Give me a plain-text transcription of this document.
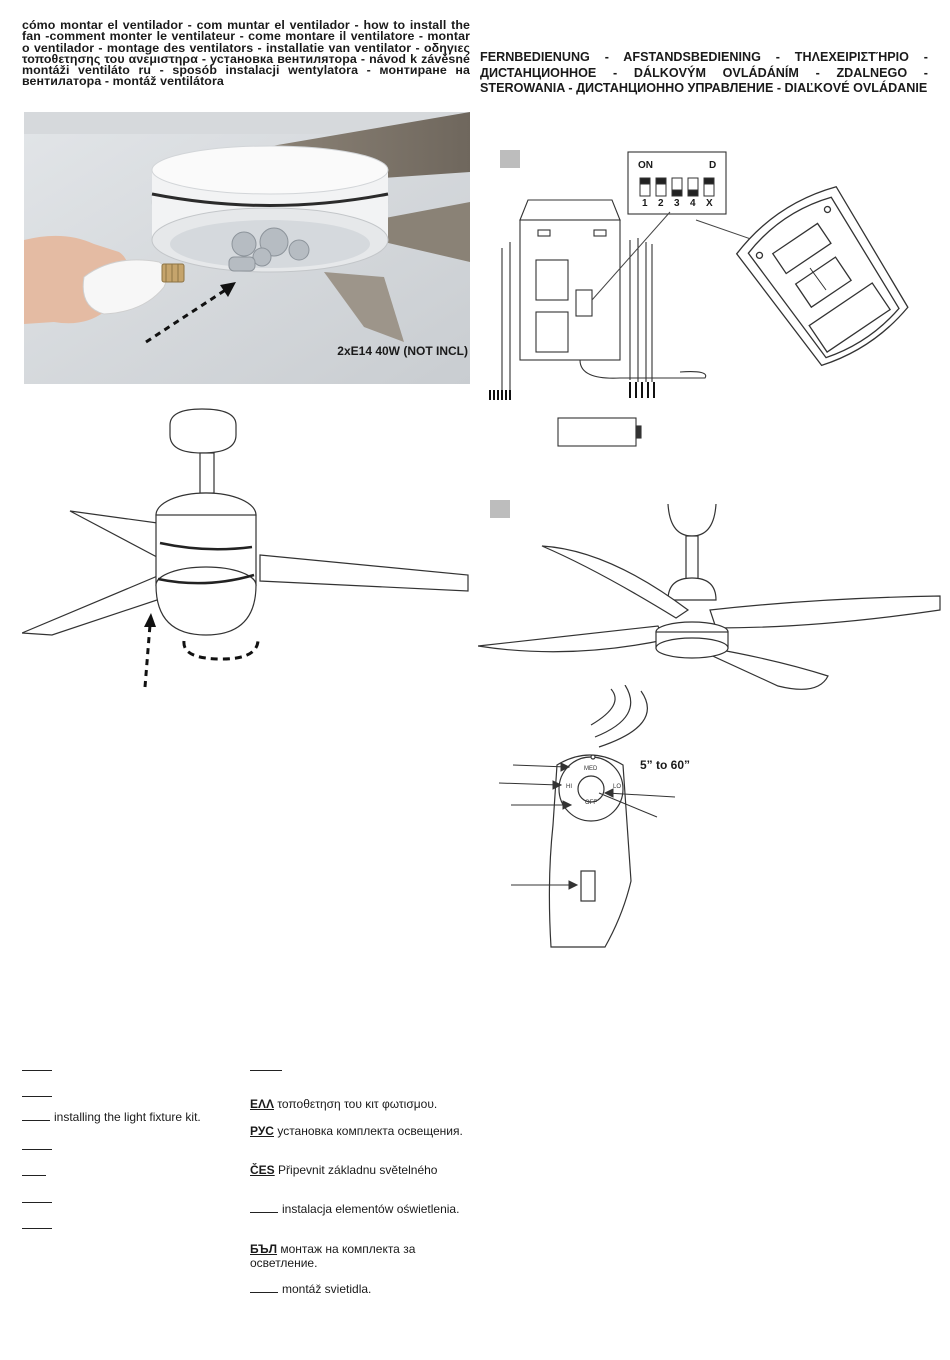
cómo montar el ventilador - com muntar el ventilador - how to install the fan -comment monter le ventilateur - come montare il ventilatore - montar o ventilador - montage des ventilators - installatie van ventilator - οδηγιες τοποθετησης του ανεμιστηρα - установка вентилятора - návod k závěsné montáži ventiláto ru - sposób instalacji wentylatora - монтиране на вентилатора - montáž ventilátora
FERNBEDIENUNG - AFSTANDSBEDIENING - ΤΗΛΕΧΕΙΡΙΣΤΉΡΙΟ - ДИСТАНЦИОННОЕ - DÁLKOVÝM OVLÁDÁNÍM - ZDALNEGO - STEROWANIA - ДИСТАНЦИОННО УПРАВЛЕНИЕ - DIAĽKOVÉ OVLÁDANIE
2xE14 40W (NOT INCL)
ON	D
1 2 3 4 X
MED
HI	LO
OFF
5” to 60”
installing the light fixture kit.
ΕΛΛ τοποθετηση του κιτ φωτισμου.
РУС установка комплекта освещения.
ČES Připevnit základnu světelného
instalacja elementów oświetlenia.
БЪЛ монтаж на комплекта за осветление.
montáž svietidla.
